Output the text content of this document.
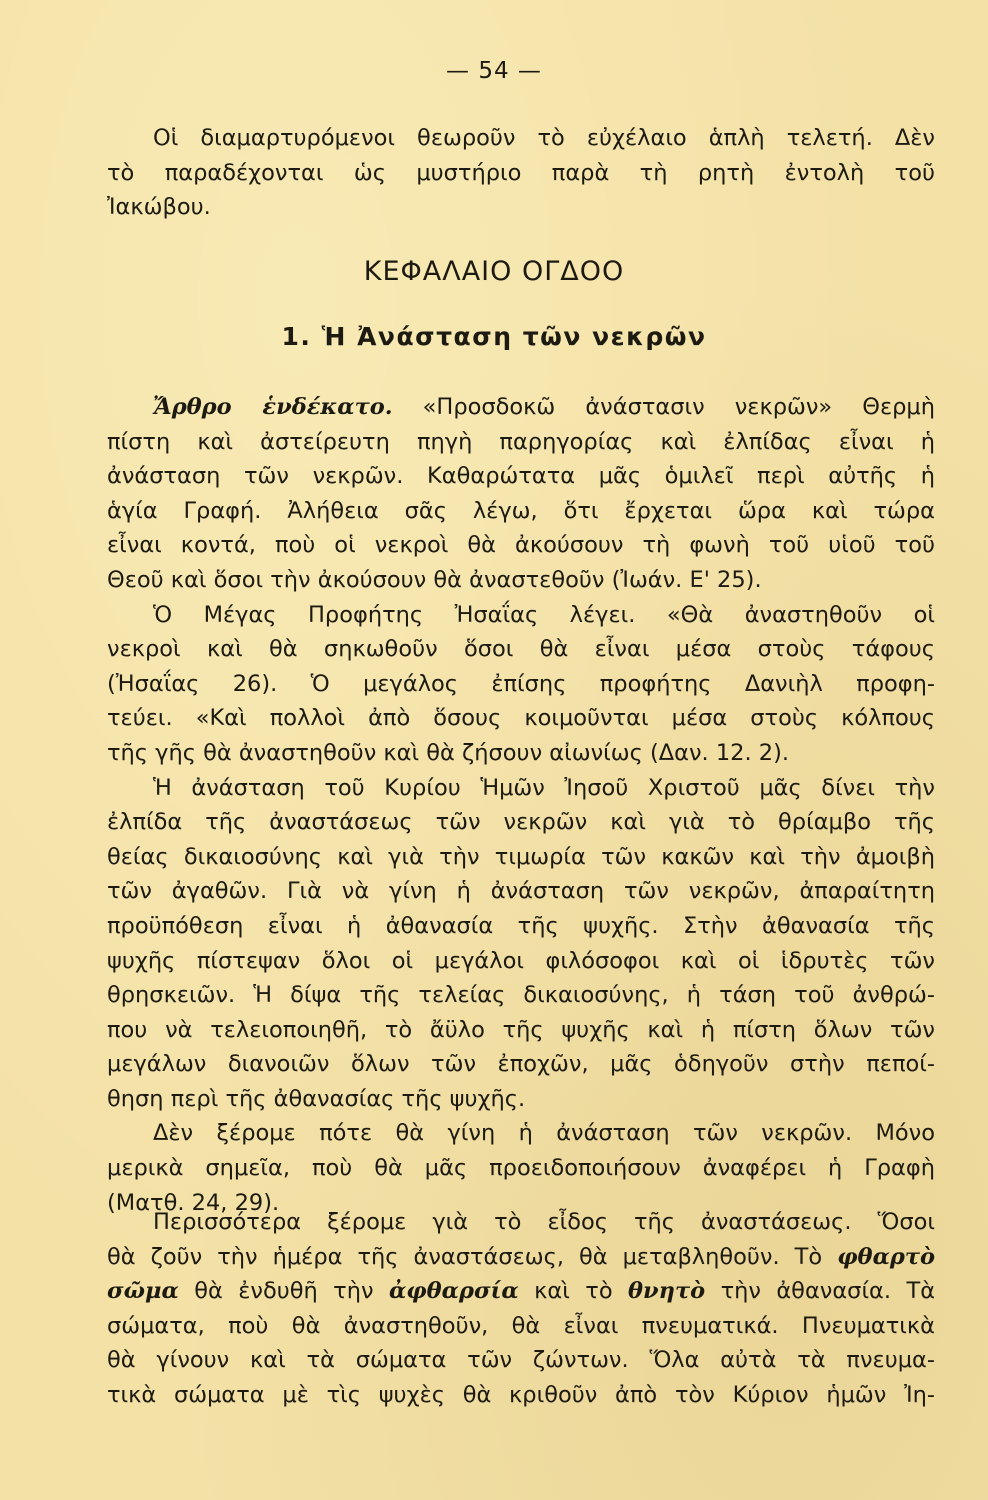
— 54 —
Οἱ διαμαρτυρόμενοι θεωροῦν τὸ εὐχέλαιο ἁπλὴ τελετή. Δὲν
τὸ παραδέχονται ὡς μυστήριο παρὰ τὴ ρητὴ ἐντολὴ τοῦ
Ἰακώβου.
ΚΕΦΑΛΑΙΟ ΟΓΔΟΟ
1. Ἡ Ἀνάσταση τῶν νεκρῶν
Ἄρθρο ἑνδέκατο. «Προσδοκῶ ἀνάστασιν νεκρῶν» Θερμὴ
πίστη καὶ ἀστείρευτη πηγὴ παρηγορίας καὶ ἐλπίδας εἶναι ἡ
ἀνάσταση τῶν νεκρῶν. Καθαρώτατα μᾶς ὁμιλεῖ περὶ αὐτῆς ἡ
ἁγία Γραφή. Ἀλήθεια σᾶς λέγω, ὅτι ἔρχεται ὥρα καὶ τώρα
εἶναι κοντά, ποὺ οἱ νεκροὶ θὰ ἀκούσουν τὴ φωνὴ τοῦ υἱοῦ τοῦ
Θεοῦ καὶ ὅσοι τὴν ἀκούσουν θὰ ἀναστεθοῦν (Ἰωάν. Ε' 25).
Ὁ Μέγας Προφήτης Ἠσαΐας λέγει. «Θὰ ἀναστηθοῦν οἱ
νεκροὶ καὶ θὰ σηκωθοῦν ὅσοι θὰ εἶναι μέσα στοὺς τάφους
(Ἠσαΐας 26). Ὁ μεγάλος ἐπίσης προφήτης Δανιὴλ προφη-
τεύει. «Καὶ πολλοὶ ἀπὸ ὅσους κοιμοῦνται μέσα στοὺς κόλπους
τῆς γῆς θὰ ἀναστηθοῦν καὶ θὰ ζήσουν αἰωνίως (Δαν. 12. 2).
Ἡ ἀνάσταση τοῦ Κυρίου Ἡμῶν Ἰησοῦ Χριστοῦ μᾶς δίνει τὴν
ἐλπίδα τῆς ἀναστάσεως τῶν νεκρῶν καὶ γιὰ τὸ θρίαμβο τῆς
θείας δικαιοσύνης καὶ γιὰ τὴν τιμωρία τῶν κακῶν καὶ τὴν ἀμοιβὴ
τῶν ἀγαθῶν. Γιὰ νὰ γίνη ἡ ἀνάσταση τῶν νεκρῶν, ἀπαραίτητη
προϋπόθεση εἶναι ἡ ἀθανασία τῆς ψυχῆς. Στὴν ἀθανασία τῆς
ψυχῆς πίστεψαν ὅλοι οἱ μεγάλοι φιλόσοφοι καὶ οἱ ἱδρυτὲς τῶν
θρησκειῶν. Ἡ δίψα τῆς τελείας δικαιοσύνης, ἡ τάση τοῦ ἀνθρώ-
που νὰ τελειοποιηθῆ, τὸ ἄϋλο τῆς ψυχῆς καὶ ἡ πίστη ὅλων τῶν
μεγάλων διανοιῶν ὅλων τῶν ἐποχῶν, μᾶς ὁδηγοῦν στὴν πεποί-
θηση περὶ τῆς ἀθανασίας τῆς ψυχῆς.
Δὲν ξέρομε πότε θὰ γίνη ἡ ἀνάσταση τῶν νεκρῶν. Μόνο
μερικὰ σημεῖα, ποὺ θὰ μᾶς προειδοποιήσουν ἀναφέρει ἡ Γραφὴ
(Ματθ. 24, 29).
Περισσότερα ξέρομε γιὰ τὸ εἶδος τῆς ἀναστάσεως. Ὅσοι
θὰ ζοῦν τὴν ἡμέρα τῆς ἀναστάσεως, θὰ μεταβληθοῦν. Τὸ φθαρτὸ
σῶμα θὰ ἐνδυθῆ τὴν ἀφθαρσία καὶ τὸ θνητὸ τὴν ἀθανασία. Τὰ
σώματα, ποὺ θὰ ἀναστηθοῦν, θὰ εἶναι πνευματικά. Πνευματικὰ
θὰ γίνουν καὶ τὰ σώματα τῶν ζώντων. Ὅλα αὐτὰ τὰ πνευμα-
τικὰ σώματα μὲ τὶς ψυχὲς θὰ κριθοῦν ἀπὸ τὸν Κύριον ἡμῶν Ἰη-
